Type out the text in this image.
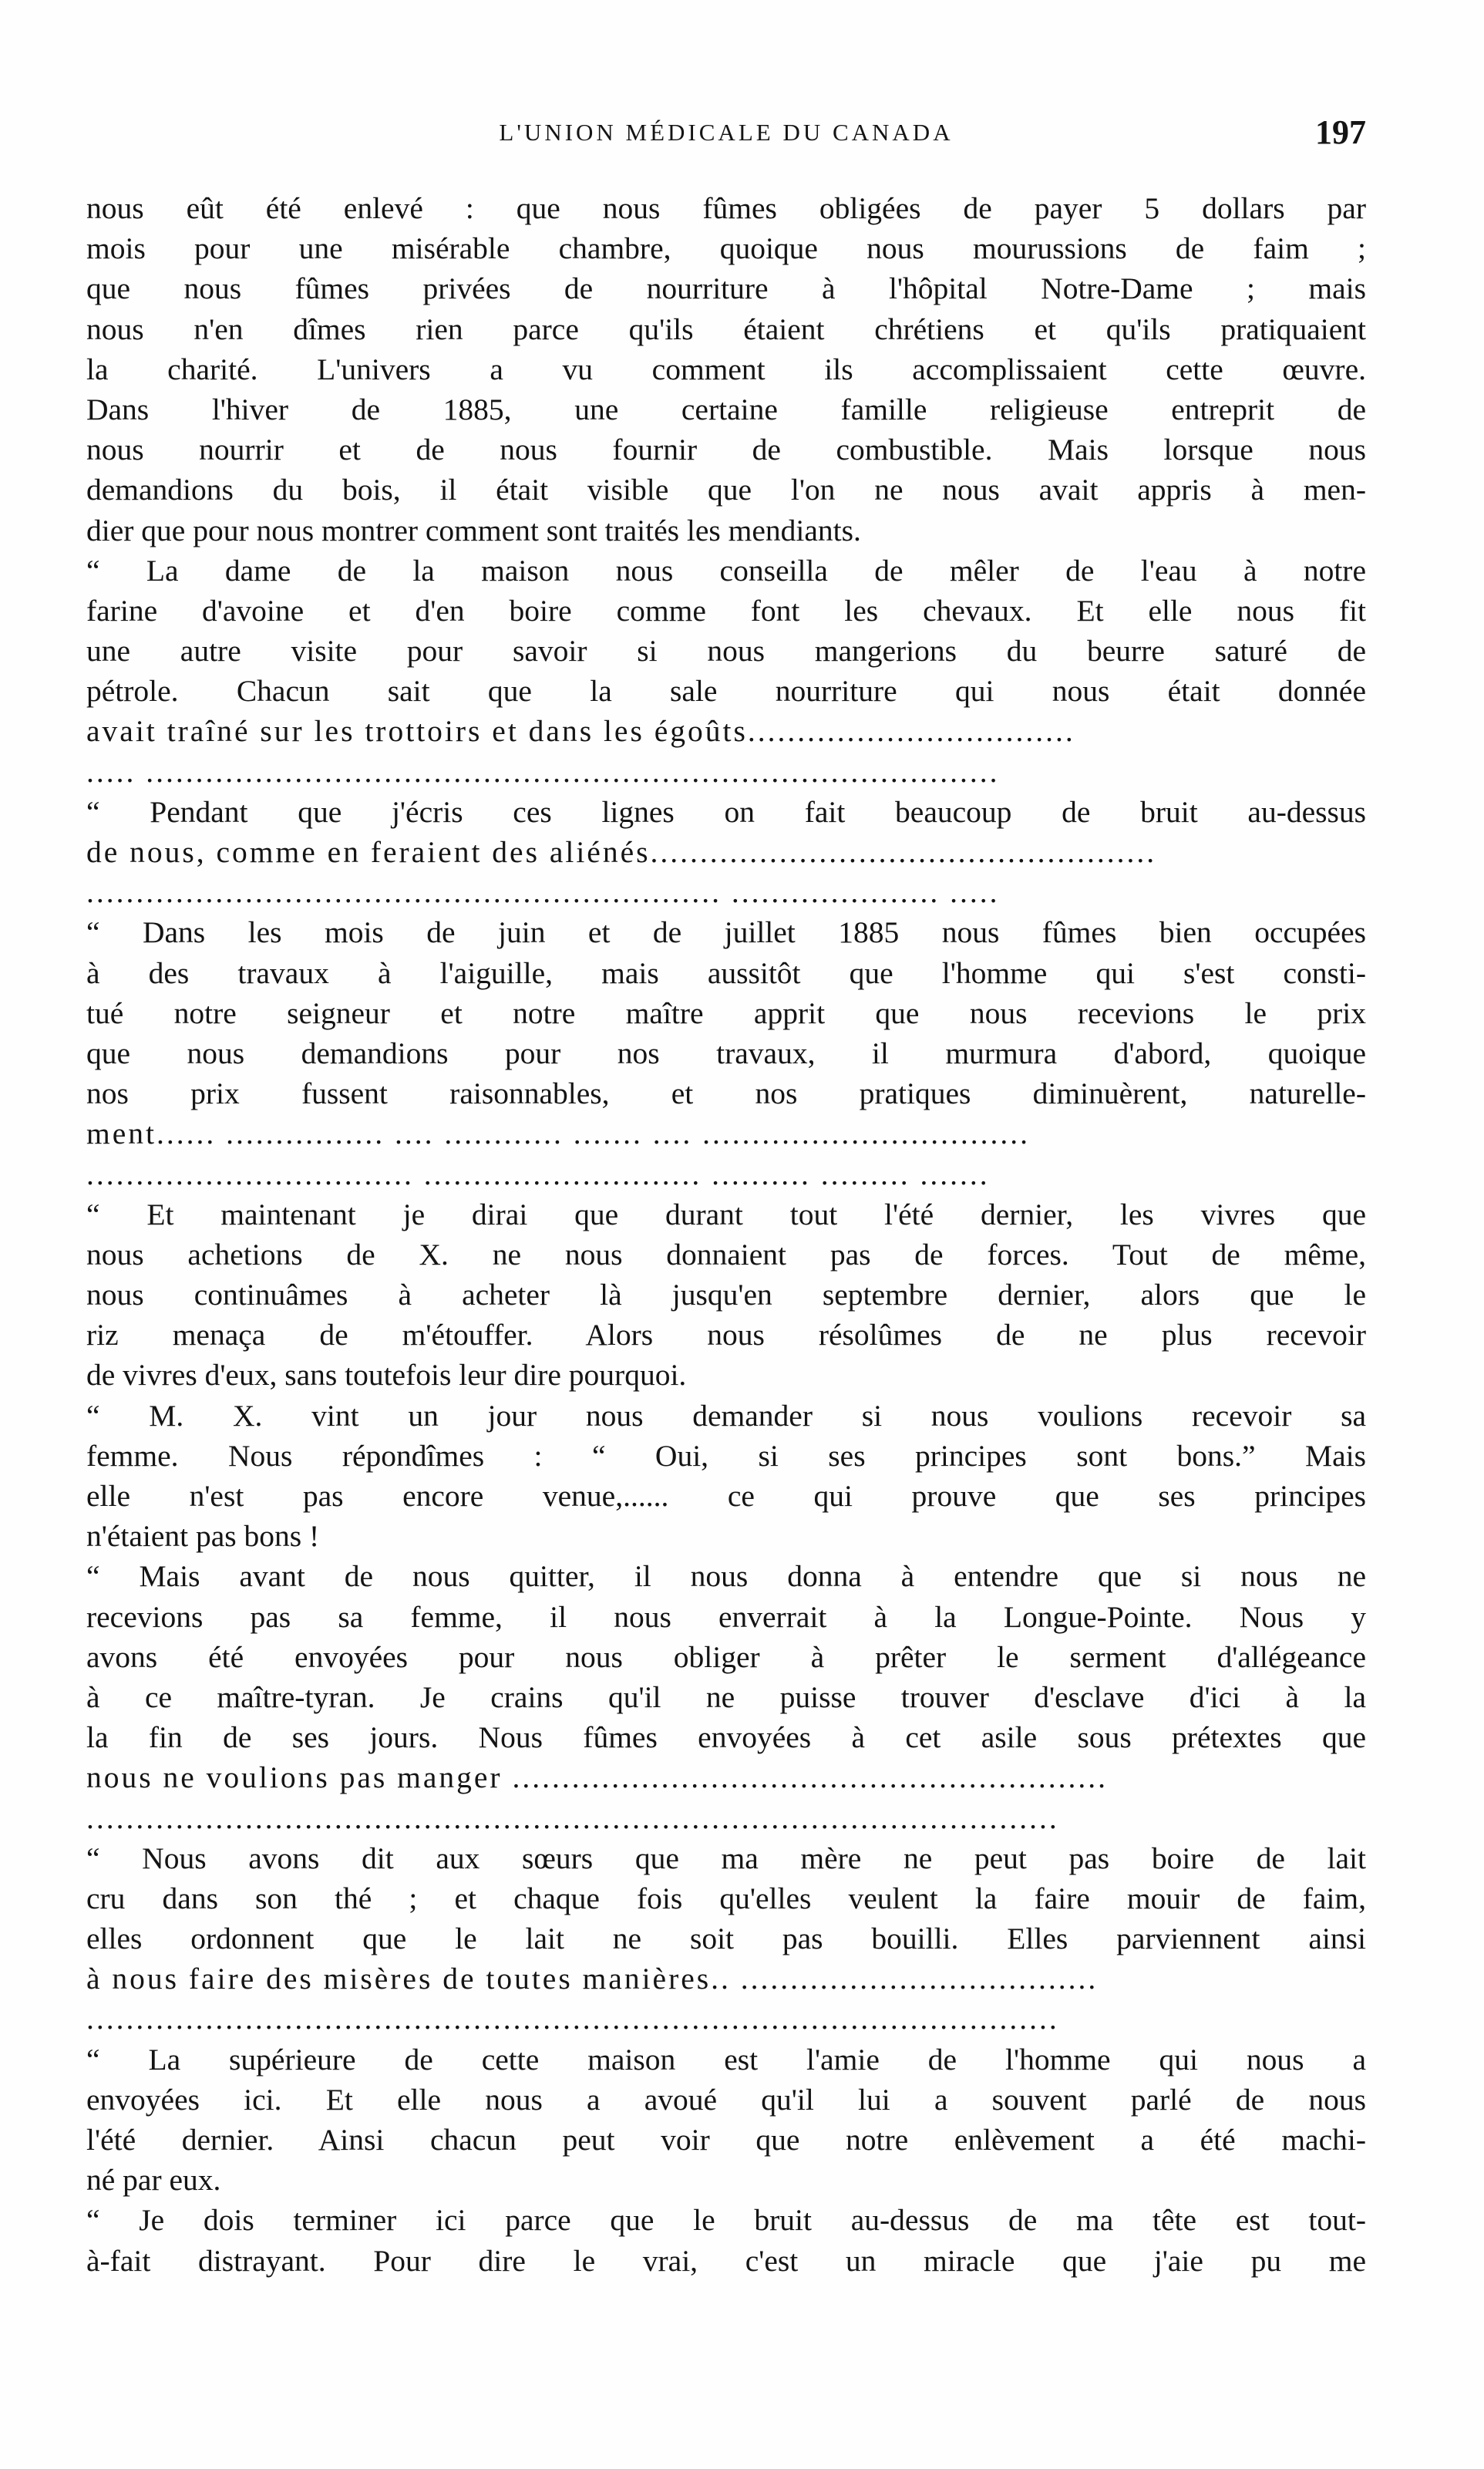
L'UNION MÉDICALE DU CANADA	197
nous eût été enlevé : que nous fûmes obligées de payer 5 dollars par
mois pour une misérable chambre, quoique nous mourussions de faim ;
que nous fûmes privées de nourriture à l'hôpital Notre-Dame ; mais
nous n'en dîmes rien parce qu'ils étaient chrétiens et qu'ils pratiquaient
la charité. L'univers a vu comment ils accomplissaient cette œuvre.
Dans l'hiver de 1885, une certaine famille religieuse entreprit de
nous nourrir et de nous fournir de combustible. Mais lorsque nous
demandions du bois, il était visible que l'on ne nous avait appris à men-
dier que pour nous montrer comment sont traités les mendiants.
“ La dame de la maison nous conseilla de mêler de l'eau à notre
farine d'avoine et d'en boire comme font les chevaux. Et elle nous fit
une autre visite pour savoir si nous mangerions du beurre saturé de
pétrole. Chacun sait que la sale nourriture qui nous était donnée
avait traîné sur les trottoirs et dans les égoûts.................................
..... ......................................................................................
“ Pendant que j'écris ces lignes on fait beaucoup de bruit au-dessus
de nous, comme en feraient des aliénés...................................................
................................................................ ..................... .....
“ Dans les mois de juin et de juillet 1885 nous fûmes bien occupées
à des travaux à l'aiguille, mais aussitôt que l'homme qui s'est consti-
tué notre seigneur et notre maître apprit que nous recevions le prix
que nous demandions pour nos travaux, il murmura d'abord, quoique
nos prix fussent raisonnables, et nos pratiques diminuèrent, naturelle-
ment...... ................ .... ............ ....... .... .................................
................................. ............................ .......... ......... .......
“ Et maintenant je dirai que durant tout l'été dernier, les vivres que
nous achetions de X. ne nous donnaient pas de forces. Tout de même,
nous continuâmes à acheter là jusqu'en septembre dernier, alors que le
riz menaça de m'étouffer. Alors nous résolûmes de ne plus recevoir
de vivres d'eux, sans toutefois leur dire pourquoi.
“ M. X. vint un jour nous demander si nous voulions recevoir sa
femme. Nous répondîmes : “ Oui, si ses principes sont bons.” Mais
elle n'est pas encore venue,...... ce qui prouve que ses principes
n'étaient pas bons !
“ Mais avant de nous quitter, il nous donna à entendre que si nous ne
recevions pas sa femme, il nous enverrait à la Longue-Pointe. Nous y
avons été envoyées pour nous obliger à prêter le serment d'allégeance
à ce maître-tyran. Je crains qu'il ne puisse trouver d'esclave d'ici à la
la fin de ses jours. Nous fûmes envoyées à cet asile sous prétextes que
nous ne voulions pas manger ............................................................
..................................................................................................
“ Nous avons dit aux sœurs que ma mère ne peut pas boire de lait
cru dans son thé ; et chaque fois qu'elles veulent la faire mouir de faim,
elles ordonnent que le lait ne soit pas bouilli. Elles parviennent ainsi
à nous faire des misères de toutes manières.. ....................................
..................................................................................................
“ La supérieure de cette maison est l'amie de l'homme qui nous a
envoyées ici. Et elle nous a avoué qu'il lui a souvent parlé de nous
l'été dernier. Ainsi chacun peut voir que notre enlèvement a été machi-
né par eux.
“ Je dois terminer ici parce que le bruit au-dessus de ma tête est tout-
à-fait distrayant. Pour dire le vrai, c'est un miracle que j'aie pu me
